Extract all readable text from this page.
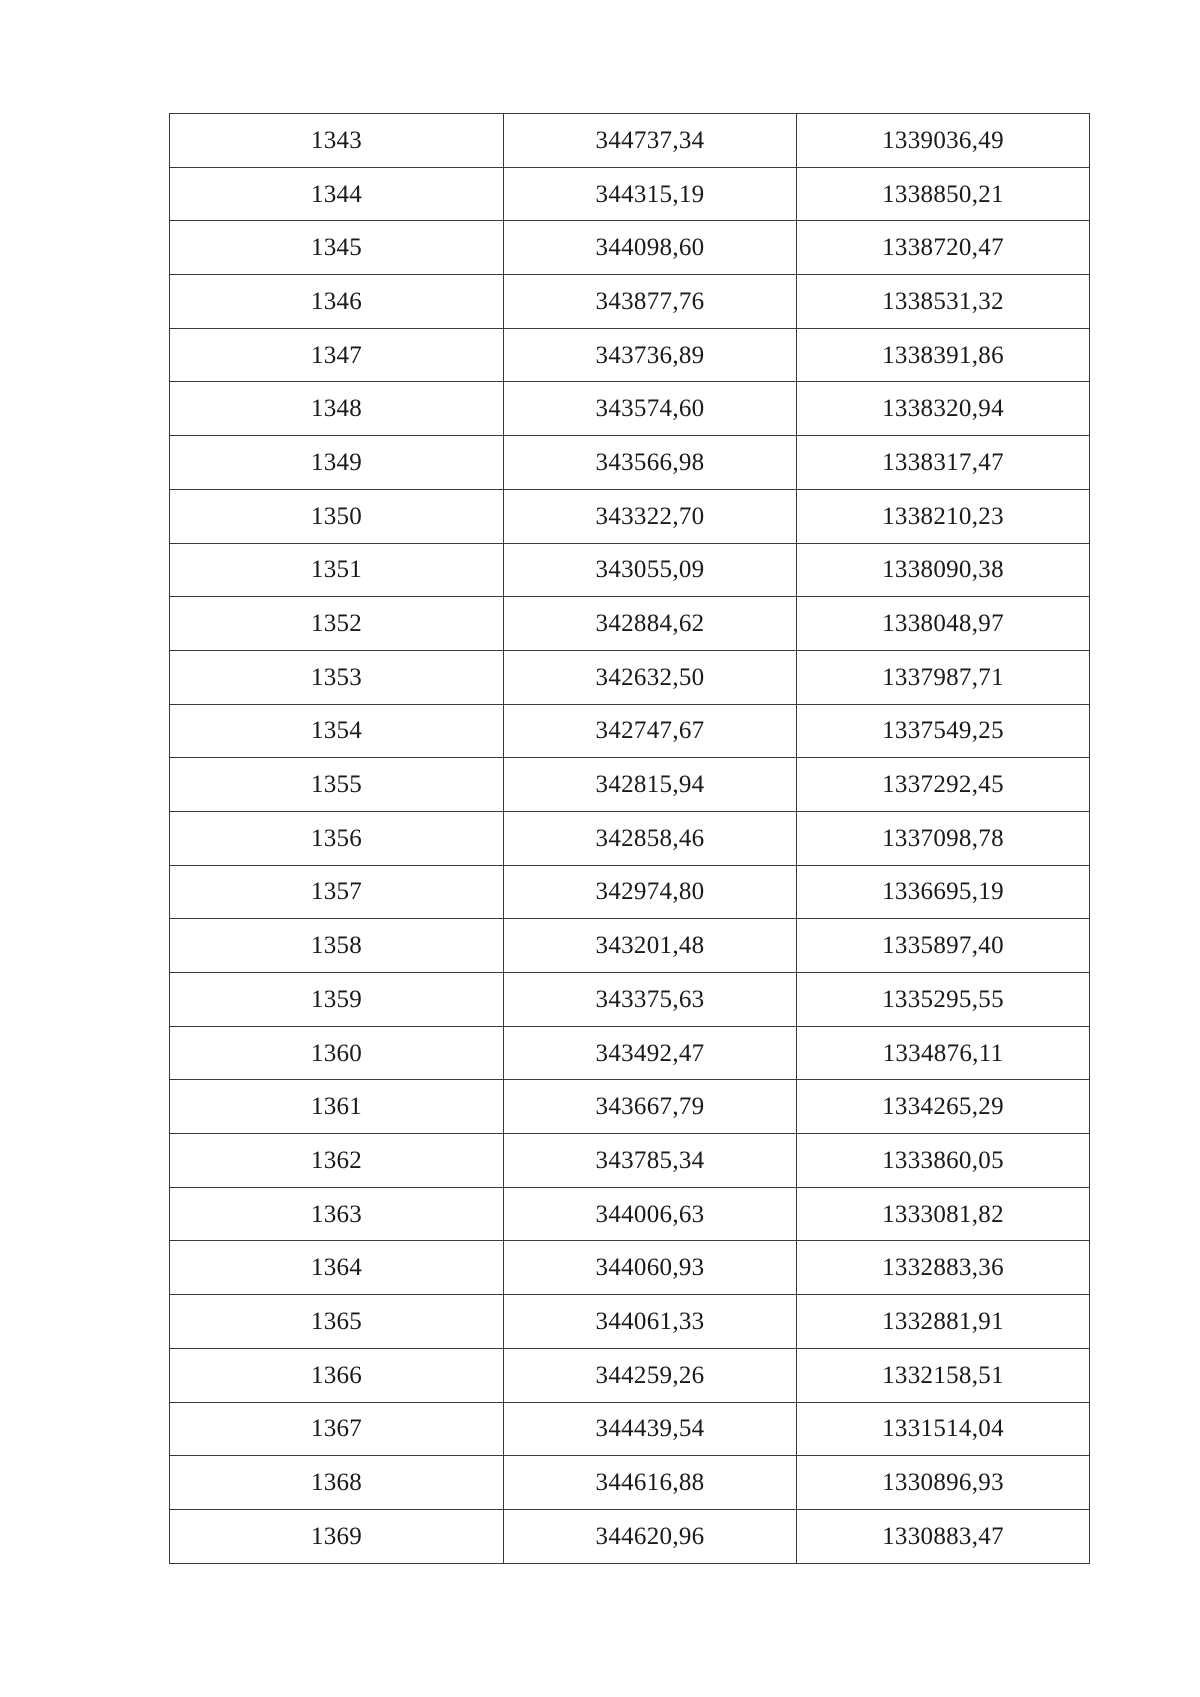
1343	344737,34	1339036,49
1344	344315,19	1338850,21
1345	344098,60	1338720,47
1346	343877,76	1338531,32
1347	343736,89	1338391,86
1348	343574,60	1338320,94
1349	343566,98	1338317,47
1350	343322,70	1338210,23
1351	343055,09	1338090,38
1352	342884,62	1338048,97
1353	342632,50	1337987,71
1354	342747,67	1337549,25
1355	342815,94	1337292,45
1356	342858,46	1337098,78
1357	342974,80	1336695,19
1358	343201,48	1335897,40
1359	343375,63	1335295,55
1360	343492,47	1334876,11
1361	343667,79	1334265,29
1362	343785,34	1333860,05
1363	344006,63	1333081,82
1364	344060,93	1332883,36
1365	344061,33	1332881,91
1366	344259,26	1332158,51
1367	344439,54	1331514,04
1368	344616,88	1330896,93
1369	344620,96	1330883,47
